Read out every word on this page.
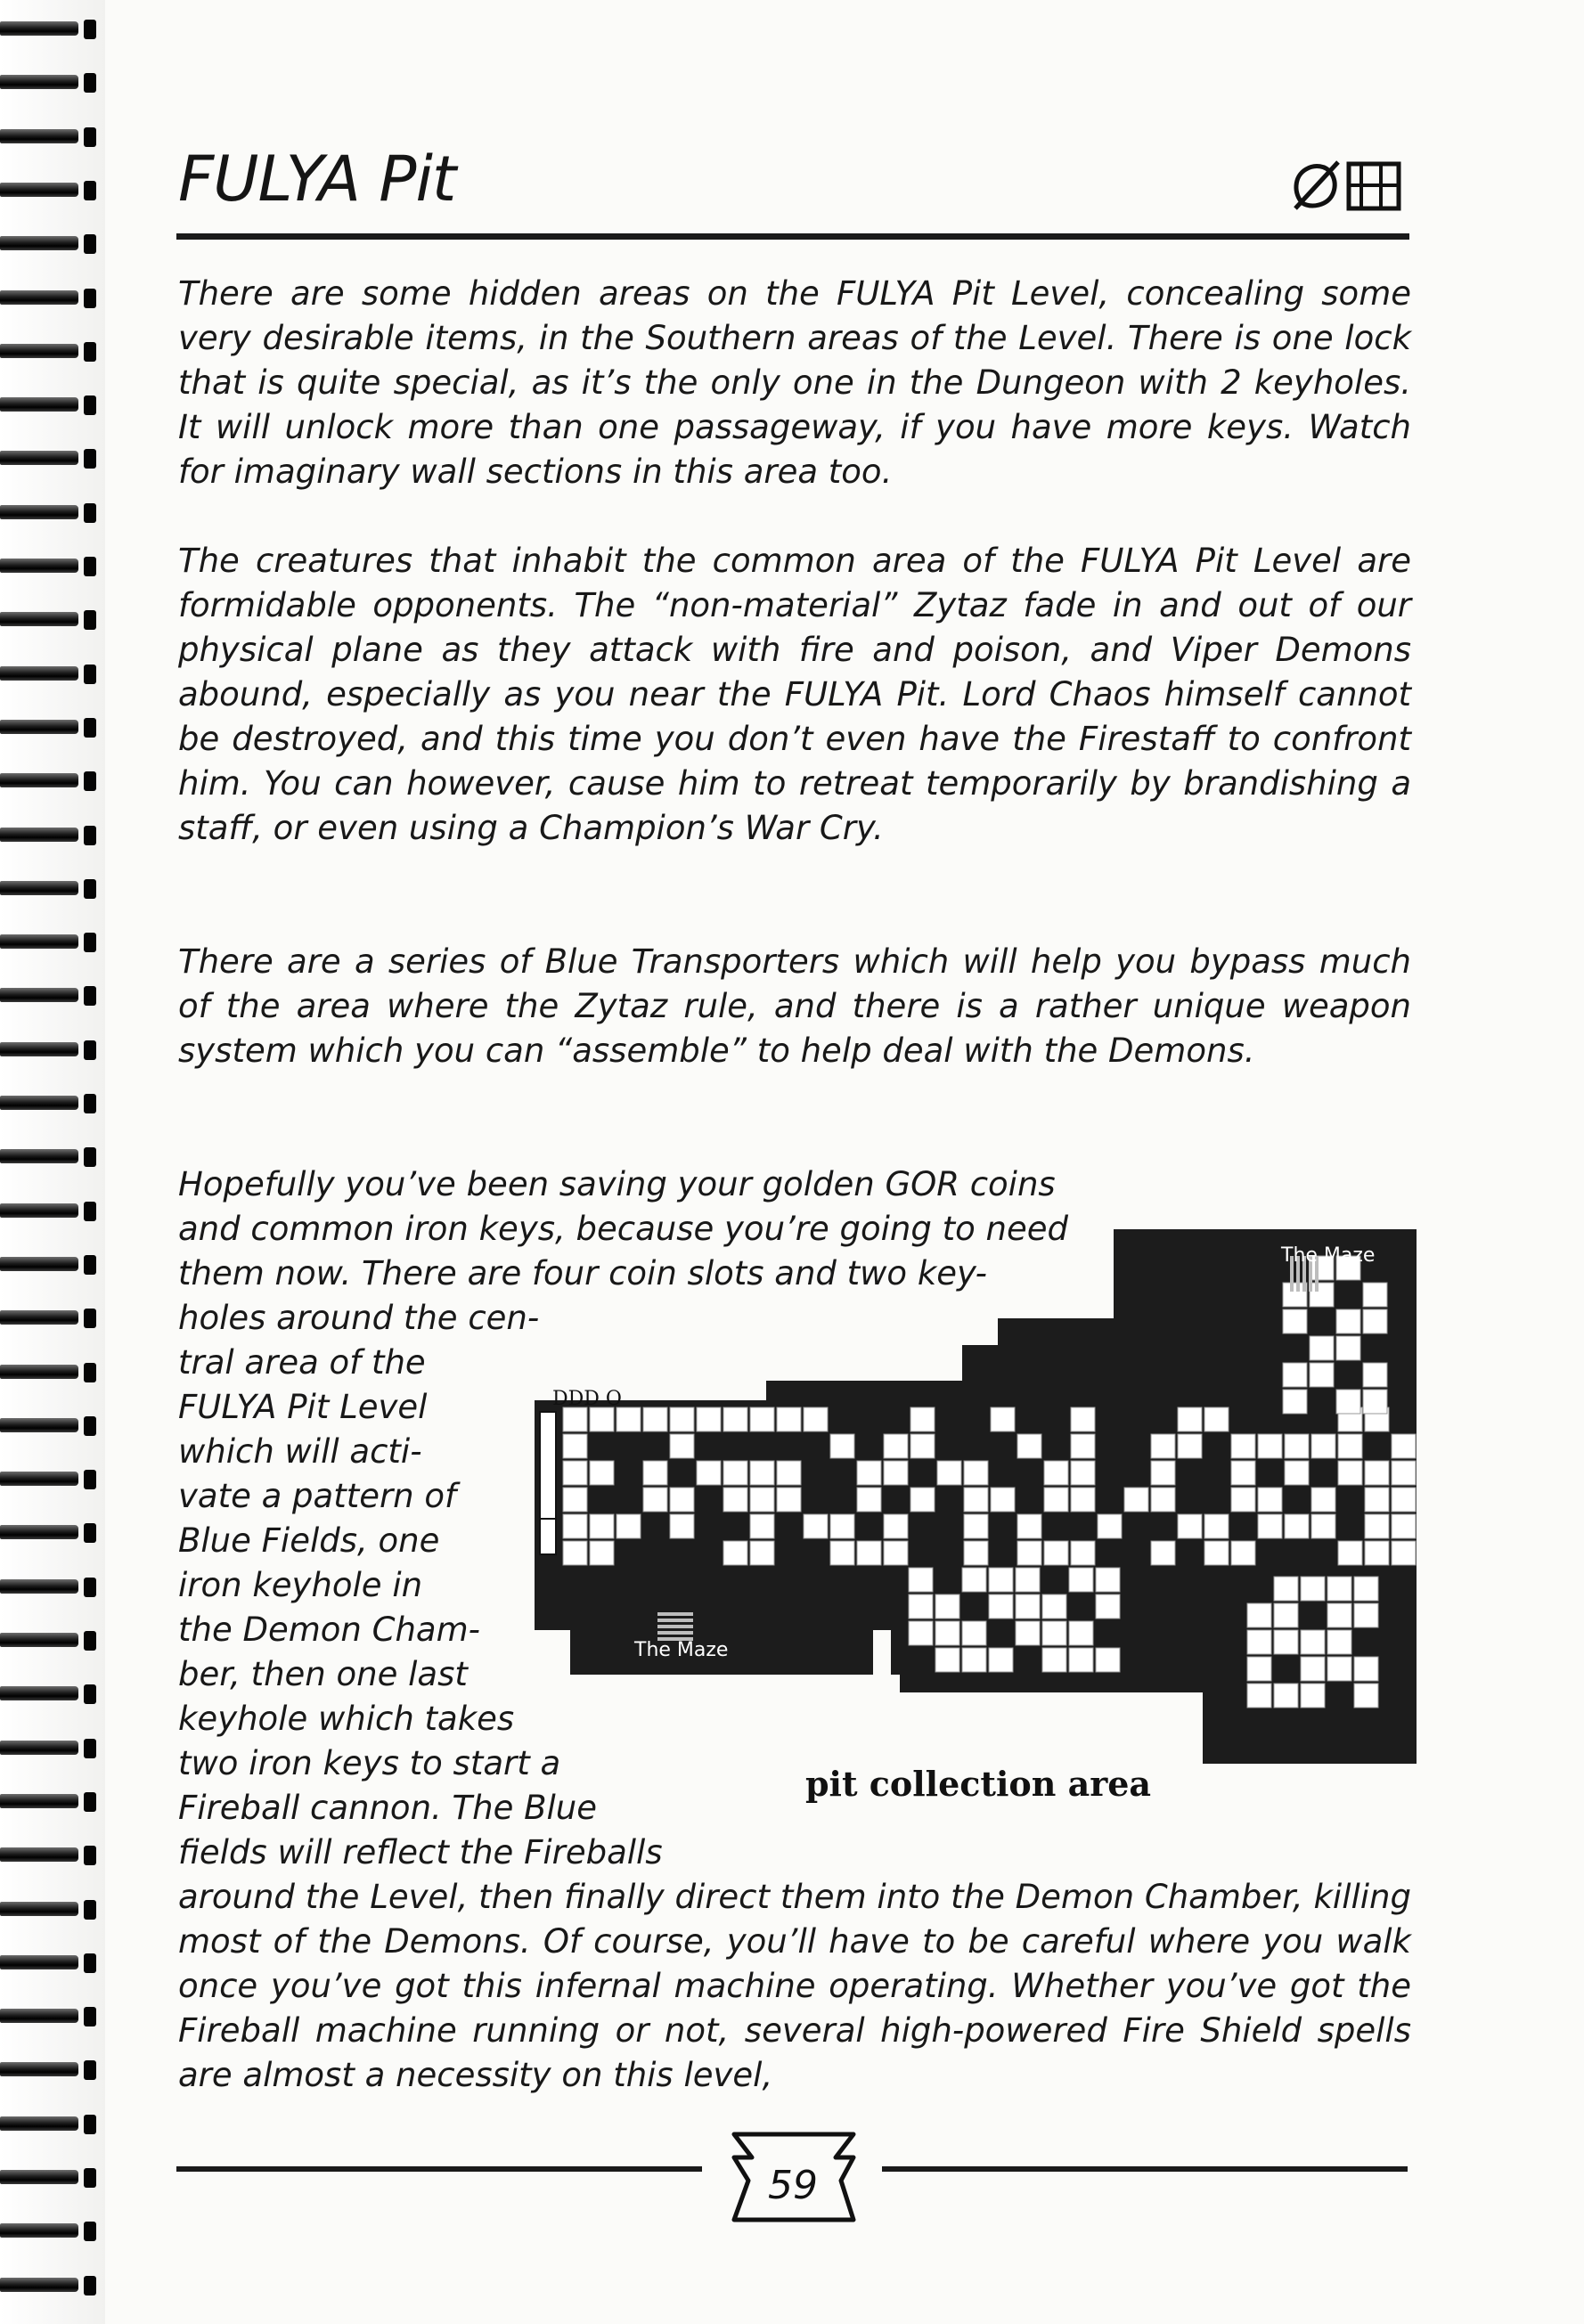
FULYA Pit

There are some hidden areas on the FULYA Pit Level, concealing some very desirable items, in the Southern areas of the Level. There is one lock that is quite special, as it’s the only one in the Dungeon with 2 keyholes. It will unlock more than one passageway, if you have more keys. Watch for imaginary wall sections in this area too.

The creatures that inhabit the common area of the FULYA Pit Level are formidable opponents. The “non-material” Zytaz fade in and out of our physical plane as they attack with fire and poison, and Viper Demons abound, especially as you near the FULYA Pit. Lord Chaos himself cannot be destroyed, and this time you don’t even have the Firestaff to confront him. You can however, cause him to retreat temporarily by brandishing a staff, or even using a Champion’s War Cry.

There are a series of Blue Transporters which will help you bypass much of the area where the Zytaz rule, and there is a rather unique weapon system which you can “assemble” to help deal with the Demons.

Hopefully you’ve been saving your golden GOR coins
and common iron keys, because you’re going to need
them now. There are four coin slots and two key-
holes around the cen-
tral area of the
FULYA Pit Level
which will acti-
vate a pattern of
Blue Fields, one
iron keyhole in
the Demon Cham-
ber, then one last
keyhole which takes
two iron keys to start a
Fireball cannon. The Blue
fields will reflect the Fireballs
around the Level, then finally direct them into the Demon Chamber, killing most of the Demons. Of course, you’ll have to be careful where you walk once you’ve got this infernal machine operating. Whether you’ve got the Fireball machine running or not, several high-powered Fire Shield spells are almost a necessity on this level,
The Maze
The Maze
DDD O
pit collection area
59
